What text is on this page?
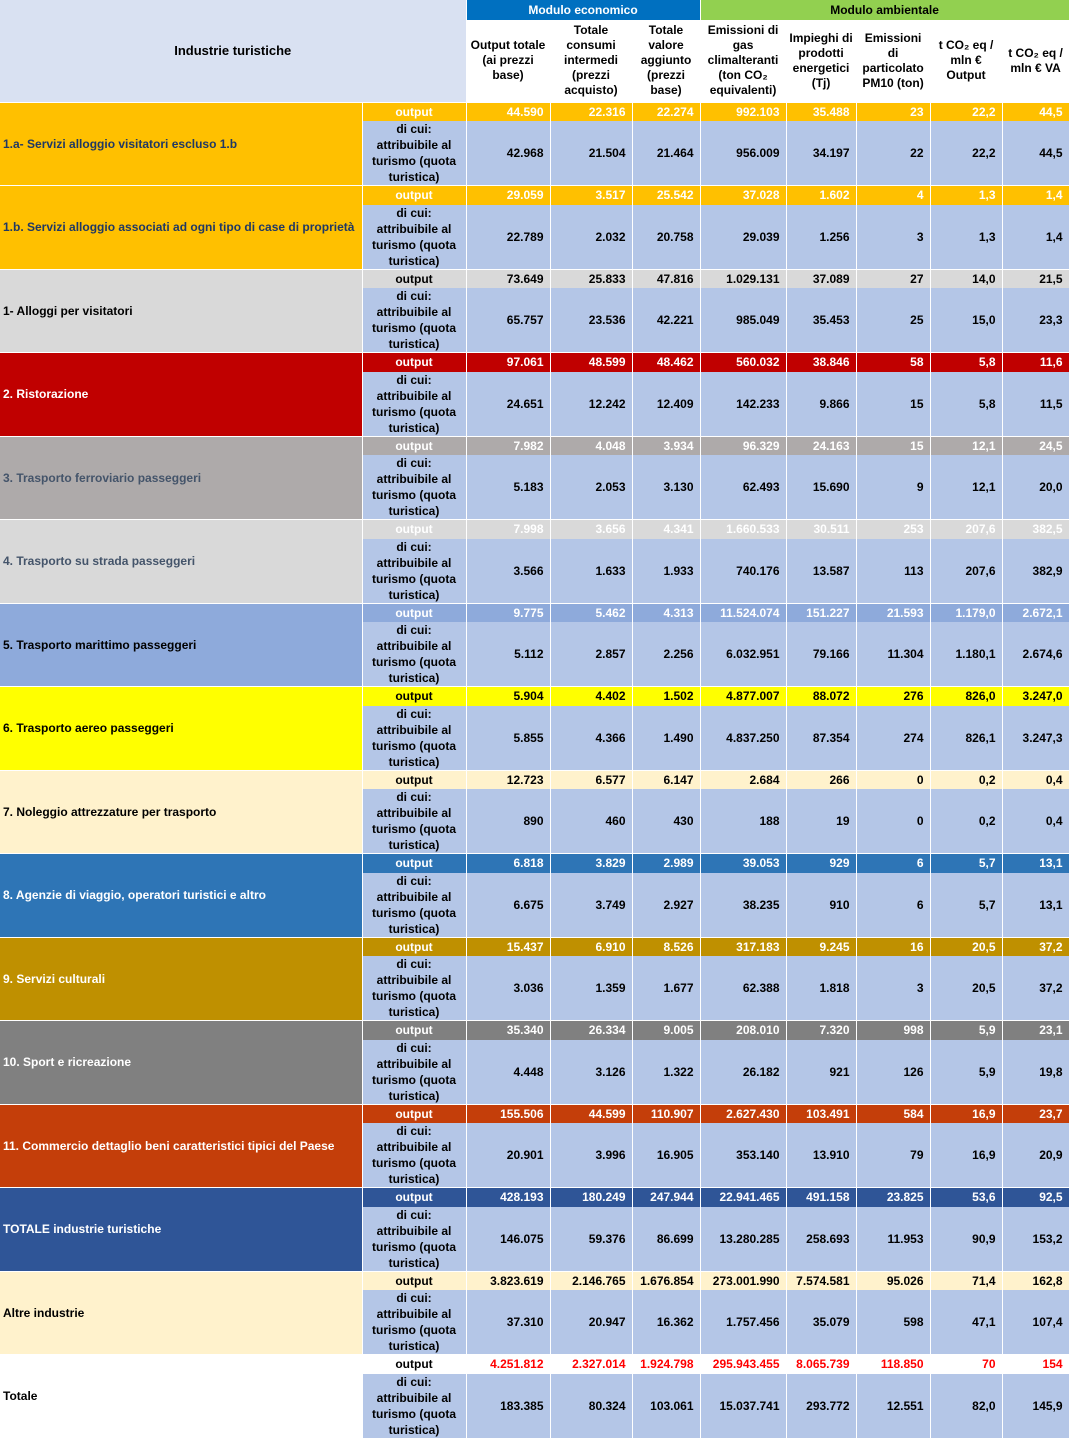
Industrie turistiche		Modulo economico			Modulo ambientale				
		Output totale (ai prezzi base)	Totale consumi intermedi (prezzi acquisto)	Totale valore aggiunto (prezzi base)	Emissioni di gas climalteranti (ton CO₂ equivalenti)	Impieghi di prodotti energetici (Tj)	Emissioni di particolato PM10 (ton)	t CO₂ eq / mln € Output	t CO₂ eq / mln € VA
1.a- Servizi alloggio visitatori escluso 1.b	output	44.590	22.316	22.274	992.103	35.488	23	22,2	44,5
	di cui: attribuibile al turismo (quota turistica)	42.968	21.504	21.464	956.009	34.197	22	22,2	44,5
1.b. Servizi alloggio associati ad ogni tipo di case di proprietà	output	29.059	3.517	25.542	37.028	1.602	4	1,3	1,4
	di cui: attribuibile al turismo (quota turistica)	22.789	2.032	20.758	29.039	1.256	3	1,3	1,4
1- Alloggi per visitatori	output	73.649	25.833	47.816	1.029.131	37.089	27	14,0	21,5
	di cui: attribuibile al turismo (quota turistica)	65.757	23.536	42.221	985.049	35.453	25	15,0	23,3
2. Ristorazione	output	97.061	48.599	48.462	560.032	38.846	58	5,8	11,6
	di cui: attribuibile al turismo (quota turistica)	24.651	12.242	12.409	142.233	9.866	15	5,8	11,5
3. Trasporto ferroviario passeggeri	output	7.982	4.048	3.934	96.329	24.163	15	12,1	24,5
	di cui: attribuibile al turismo (quota turistica)	5.183	2.053	3.130	62.493	15.690	9	12,1	20,0
4. Trasporto su strada passeggeri	output	7.998	3.656	4.341	1.660.533	30.511	253	207,6	382,5
	di cui: attribuibile al turismo (quota turistica)	3.566	1.633	1.933	740.176	13.587	113	207,6	382,9
5. Trasporto marittimo passeggeri	output	9.775	5.462	4.313	11.524.074	151.227	21.593	1.179,0	2.672,1
	di cui: attribuibile al turismo (quota turistica)	5.112	2.857	2.256	6.032.951	79.166	11.304	1.180,1	2.674,6
6. Trasporto aereo passeggeri	output	5.904	4.402	1.502	4.877.007	88.072	276	826,0	3.247,0
	di cui: attribuibile al turismo (quota turistica)	5.855	4.366	1.490	4.837.250	87.354	274	826,1	3.247,3
7. Noleggio attrezzature per trasporto	output	12.723	6.577	6.147	2.684	266	0	0,2	0,4
	di cui: attribuibile al turismo (quota turistica)	890	460	430	188	19	0	0,2	0,4
8. Agenzie di viaggio, operatori turistici e altro	output	6.818	3.829	2.989	39.053	929	6	5,7	13,1
	di cui: attribuibile al turismo (quota turistica)	6.675	3.749	2.927	38.235	910	6	5,7	13,1
9. Servizi culturali	output	15.437	6.910	8.526	317.183	9.245	16	20,5	37,2
	di cui: attribuibile al turismo (quota turistica)	3.036	1.359	1.677	62.388	1.818	3	20,5	37,2
10. Sport e ricreazione	output	35.340	26.334	9.005	208.010	7.320	998	5,9	23,1
	di cui: attribuibile al turismo (quota turistica)	4.448	3.126	1.322	26.182	921	126	5,9	19,8
11. Commercio dettaglio beni caratteristici tipici del Paese	output	155.506	44.599	110.907	2.627.430	103.491	584	16,9	23,7
	di cui: attribuibile al turismo (quota turistica)	20.901	3.996	16.905	353.140	13.910	79	16,9	20,9
TOTALE industrie turistiche	output	428.193	180.249	247.944	22.941.465	491.158	23.825	53,6	92,5
	di cui: attribuibile al turismo (quota turistica)	146.075	59.376	86.699	13.280.285	258.693	11.953	90,9	153,2
Altre industrie	output	3.823.619	2.146.765	1.676.854	273.001.990	7.574.581	95.026	71,4	162,8
	di cui: attribuibile al turismo (quota turistica)	37.310	20.947	16.362	1.757.456	35.079	598	47,1	107,4
Totale	output	4.251.812	2.327.014	1.924.798	295.943.455	8.065.739	118.850	70	154
	di cui: attribuibile al turismo (quota turistica)	183.385	80.324	103.061	15.037.741	293.772	12.551	82,0	145,9
